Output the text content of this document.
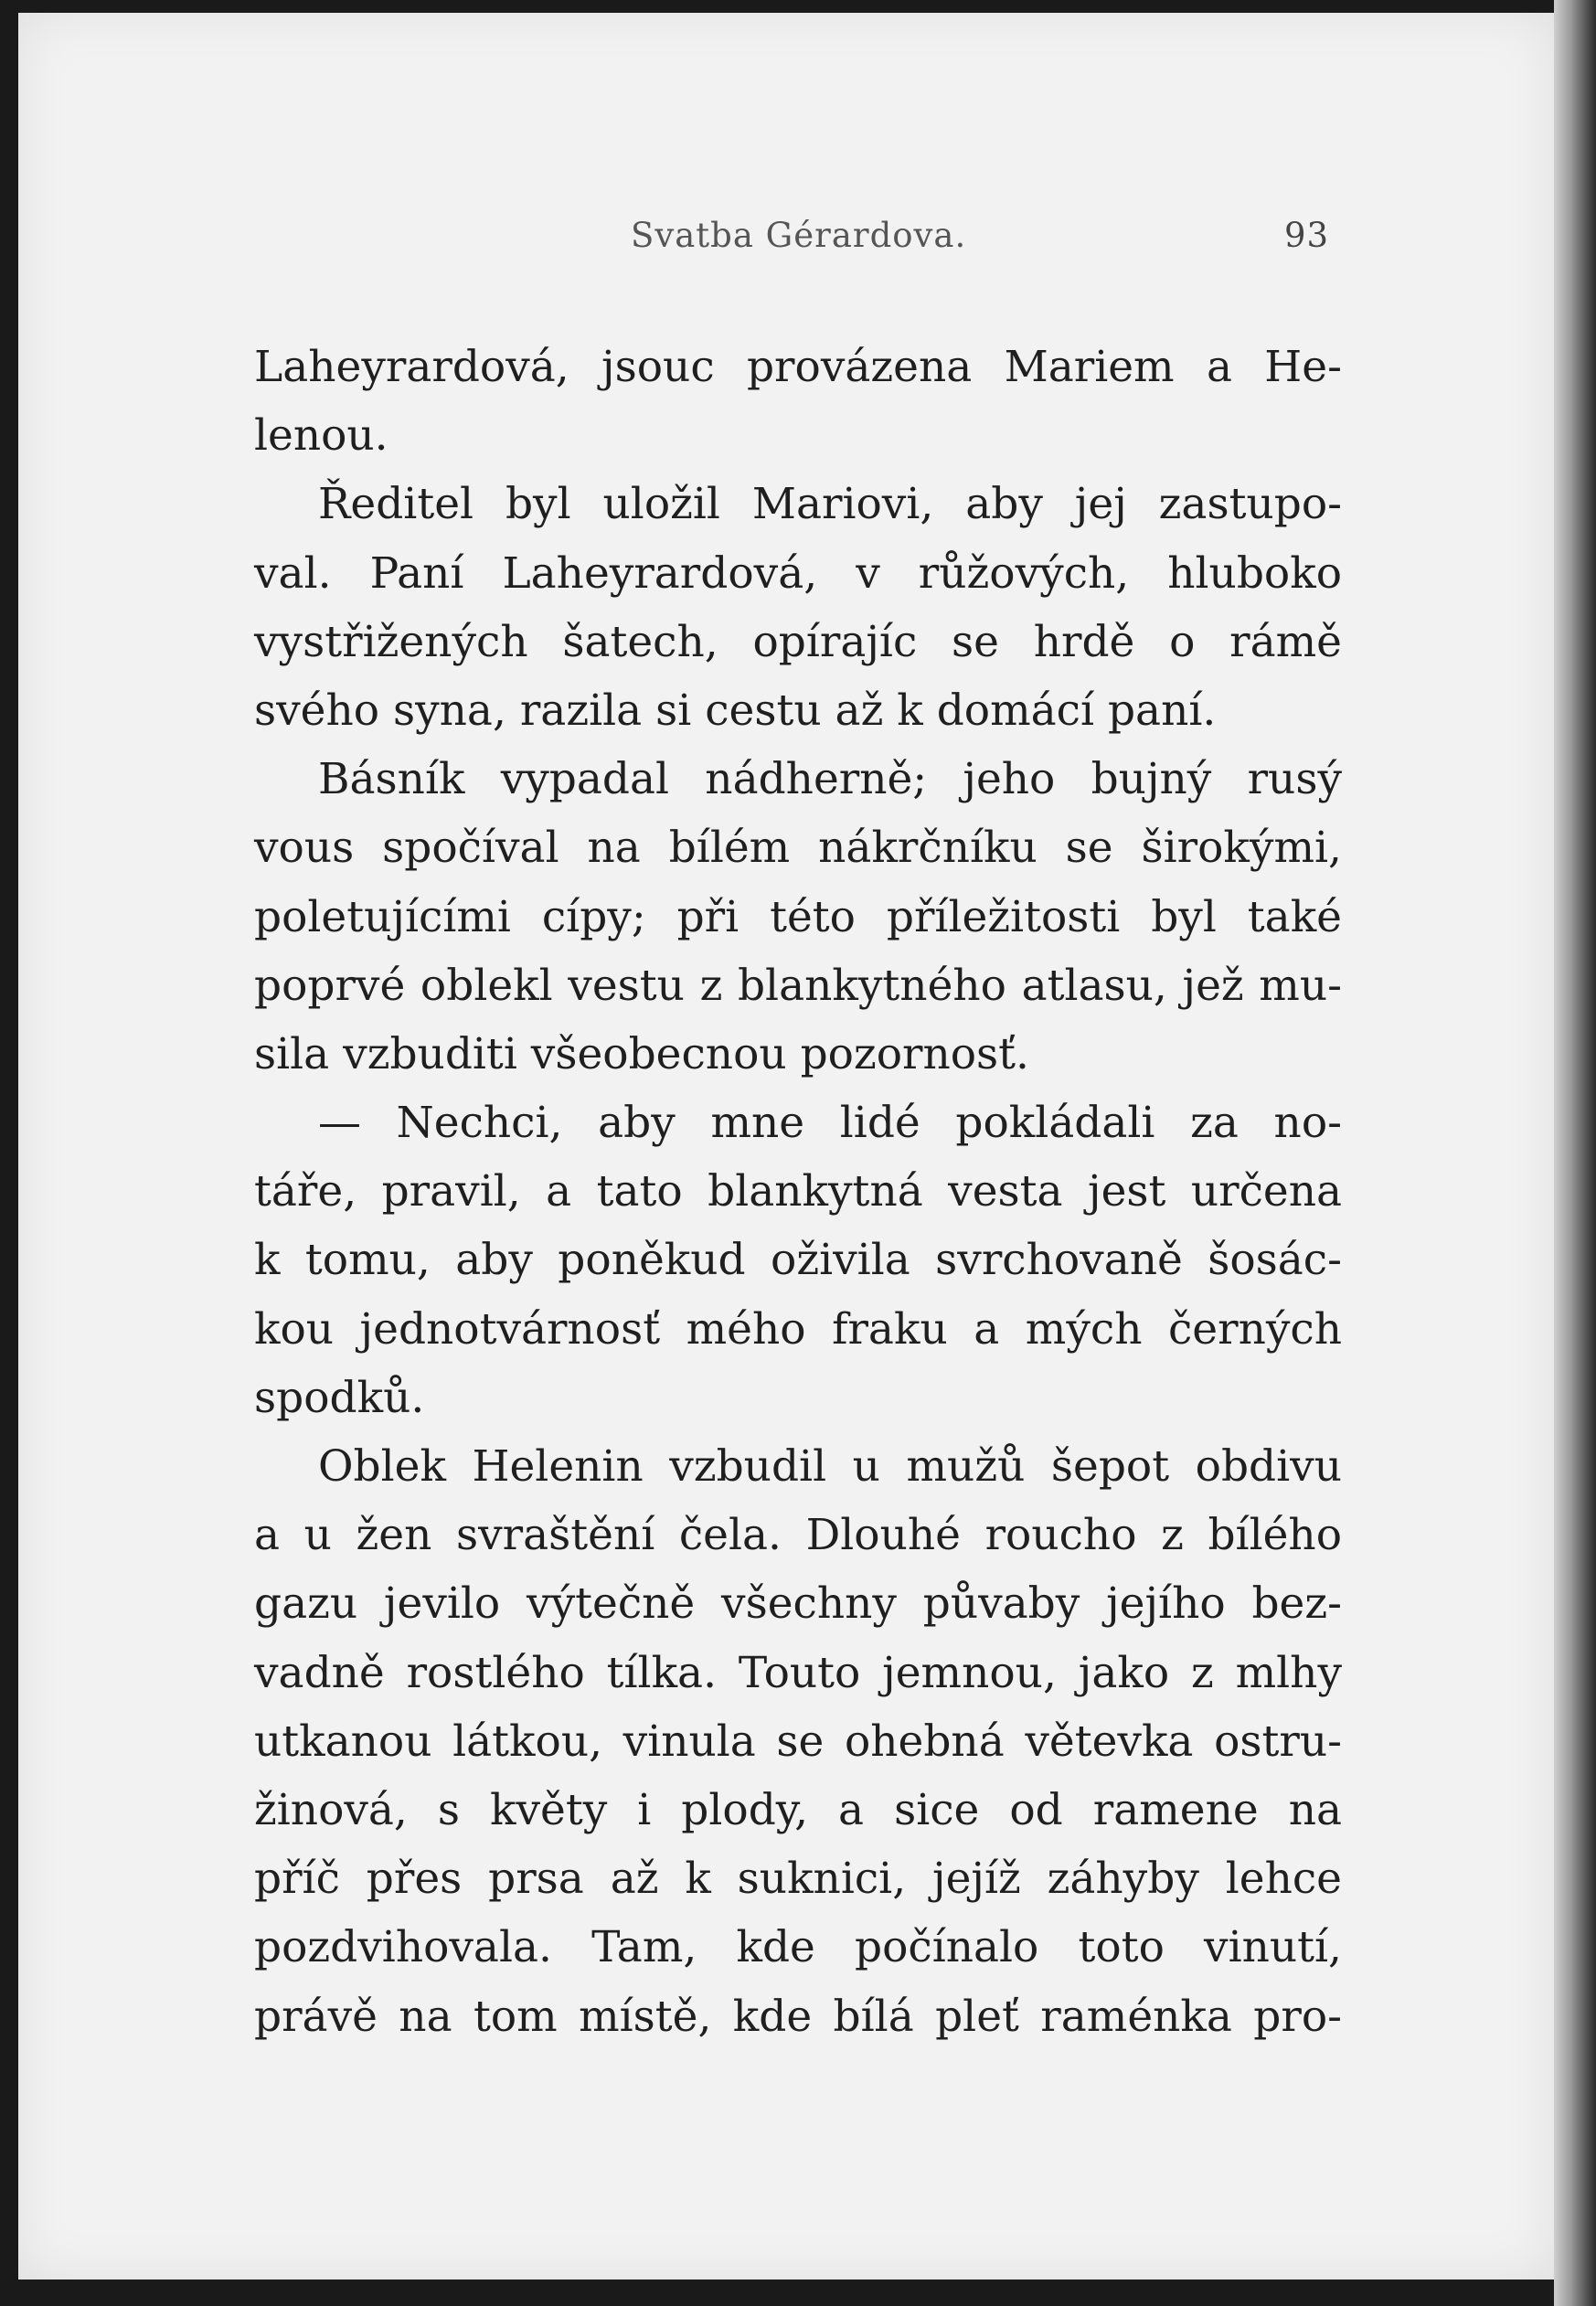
Svatba Gérardova.	93
Laheyrardová, jsouc provázena Mariem a He-
lenou.
Ředitel byl uložil Mariovi, aby jej zastupo-
val. Paní Laheyrardová, v růžových, hluboko
vystřižených šatech, opírajíc se hrdě o rámě
svého syna, razila si cestu až k domácí paní.
Básník vypadal nádherně; jeho bujný rusý
vous spočíval na bílém nákrčníku se širokými,
poletujícími cípy; při této příležitosti byl také
poprvé oblekl vestu z blankytného atlasu, jež mu-
sila vzbuditi všeobecnou pozornosť.
— Nechci, aby mne lidé pokládali za no-
táře, pravil, a tato blankytná vesta jest určena
k tomu, aby poněkud oživila svrchovaně šosác-
kou jednotvárnosť mého fraku a mých černých
spodků.
Oblek Helenin vzbudil u mužů šepot obdivu
a u žen svraštění čela. Dlouhé roucho z bílého
gazu jevilo výtečně všechny půvaby jejího bez-
vadně rostlého tílka. Touto jemnou, jako z mlhy
utkanou látkou, vinula se ohebná větevka ostru-
žinová, s květy i plody, a sice od ramene na
příč přes prsa až k suknici, jejíž záhyby lehce
pozdvihovala. Tam, kde počínalo toto vinutí,
právě na tom místě, kde bílá pleť raménka pro-
